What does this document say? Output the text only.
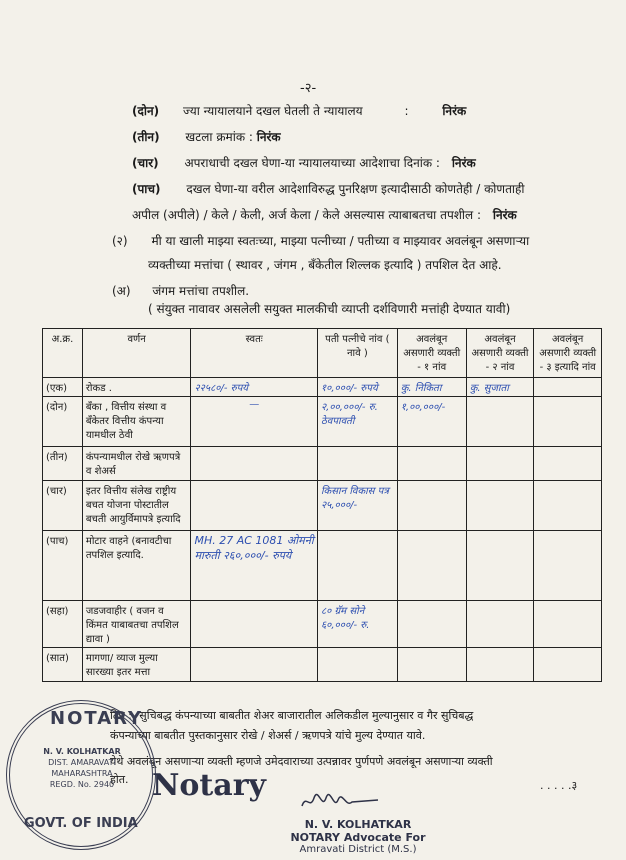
-२-
(दोन) ज्या न्यायालयाने दखल घेतली ते न्यायालय	:	निरंक
(तीन) खटला क्रमांक : निरंक
(चार) अपराधाची दखल घेणा-या न्यायालयाच्या आदेशाचा दिनांक : निरंक
(पाच) दखल घेणा-या वरील आदेशाविरुद्ध पुनरिक्षण इत्यादीसाठी कोणतेही / कोणताही
अपील (अपीले) / केले / केली, अर्ज केला / केले असल्यास त्याबाबतचा तपशील : निरंक
(२) मी या खाली माझ्या स्वतःच्या, माझ्या पत्नीच्या / पतीच्या व माझ्यावर अवलंबून असणाऱ्या
व्यक्तीच्या मत्तांचा ( स्थावर , जंगम , बँकेतील शिल्लक इत्यादि ) तपशिल देत आहे.
(अ) जंगम मत्तांचा तपशील.
( संयुक्त नावावर असलेली सयुक्त मालकीची व्याप्ती दर्शविणारी मत्तांही देण्यात यावी)
अ.क्र.	वर्णन	स्वतः	पती पत्नीचे नांव ( नावे )	अवलंबून असणारी व्यक्ती - १ नांव	अवलंबून असणारी व्यक्ती - २ नांव	अवलंबून असणारी व्यक्ती - ३ इत्यादि नांव
(एक)	रोकड .	२२५८०/- रुपये	१०,०००/- रुपये	कु. निकिता	कु. सुजाता	
(दोन)	बँका , वित्तीय संस्था व बँकेतर वित्तीय कंपन्या यामधील ठेवी	—	२,००,०००/- रु. ठेवपावती	१,००,०००/-		
(तीन)	कंपन्यामधील रोखे ऋणपत्रे व शेअर्स					
(चार)	इतर वित्तीय संलेख राष्ट्रीय बचत योजना पोस्टातील बचती आयुर्विमापत्रे इत्यादि		किसान विकास पत्र २५,०००/-			
(पाच)	मोटार वाहने (बनावटीचा तपशिल इत्यादि.	MH. 27 AC 1081 ओमनी मारुती २६०,०००/- रुपये				
(सहा)	जडजवाहीर ( वजन व किंमत याबाबतचा तपशिल द्यावा )		८० ग्रॅम सोने ६०,०००/- रु.			
(सात)	मागणा/ व्याज मुल्या सारख्या इतर मत्ता					
टिप :- सुचिबद्ध कंपन्याच्या बाबतीत शेअर बाजारातील अलिकडील मुल्यानुसार व गैर सुचिबद्ध
कंपन्याच्या बाबतीत पुस्तकानुसार रोखे / शेअर्स / ऋणपत्रे यांचे मुल्य देण्यात यावे.
येथे अवलंबून असणाऱ्या व्यक्ती म्हणजे उमेदवाराच्या उत्पन्नावर पुर्णपणे अवलंबून असणाऱ्या व्यक्ती
होत.	. . . . .३
NOTARY
N. V. KOLHATKAR
DIST. AMARAVATI
MAHARASHTRA
REGD. No. 2940
GOVT. OF INDIA
Notary
N. V. KOLHATKAR
NOTARY Advocate For
Amravati District (M.S.)
